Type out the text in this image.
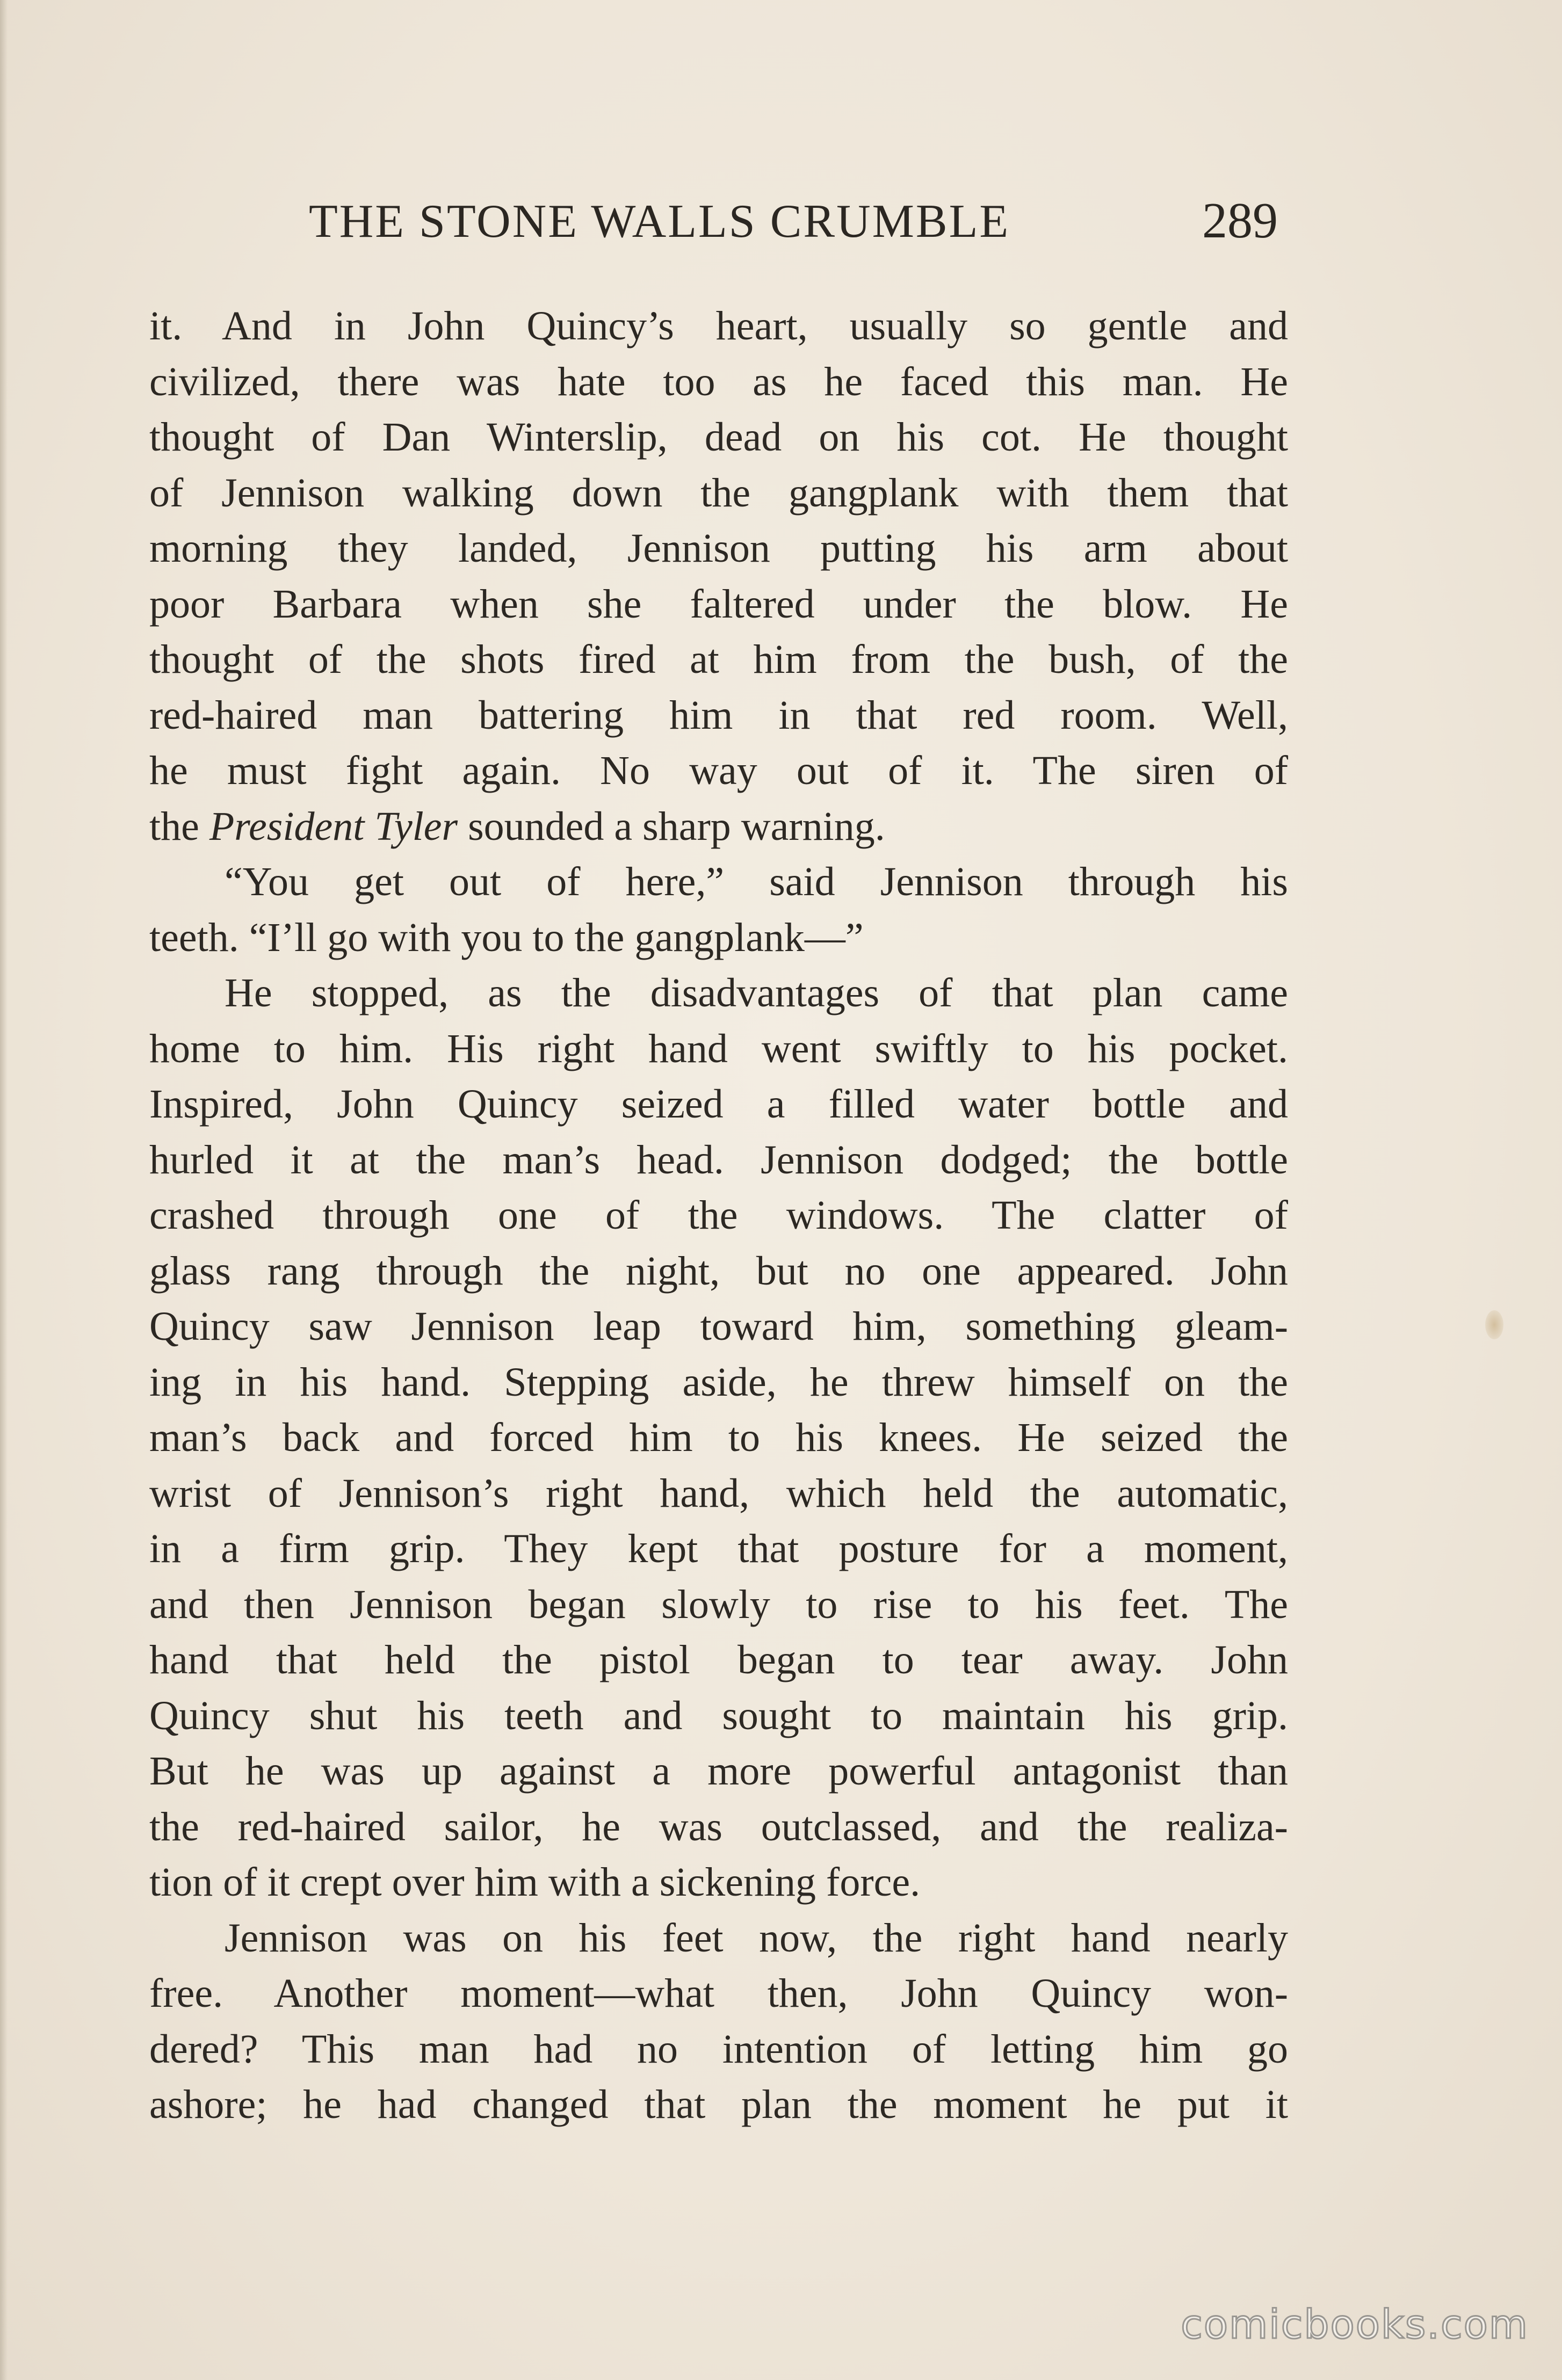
THE STONE WALLS CRUMBLE	289
it. And in John Quincy’s heart, usually so gentle and
civilized, there was hate too as he faced this man. He
thought of Dan Winterslip, dead on his cot. He thought
of Jennison walking down the gangplank with them that
morning they landed, Jennison putting his arm about
poor Barbara when she faltered under the blow. He
thought of the shots fired at him from the bush, of the
red-haired man battering him in that red room. Well,
he must fight again. No way out of it. The siren of
the President Tyler sounded a sharp warning.
“You get out of here,” said Jennison through his
teeth. “I’ll go with you to the gangplank—”
He stopped, as the disadvantages of that plan came
home to him. His right hand went swiftly to his pocket.
Inspired, John Quincy seized a filled water bottle and
hurled it at the man’s head. Jennison dodged; the bottle
crashed through one of the windows. The clatter of
glass rang through the night, but no one appeared. John
Quincy saw Jennison leap toward him, something gleam-
ing in his hand. Stepping aside, he threw himself on the
man’s back and forced him to his knees. He seized the
wrist of Jennison’s right hand, which held the automatic,
in a firm grip. They kept that posture for a moment,
and then Jennison began slowly to rise to his feet. The
hand that held the pistol began to tear away. John
Quincy shut his teeth and sought to maintain his grip.
But he was up against a more powerful antagonist than
the red-haired sailor, he was outclassed, and the realiza-
tion of it crept over him with a sickening force.
Jennison was on his feet now, the right hand nearly
free. Another moment—what then, John Quincy won-
dered? This man had no intention of letting him go
ashore; he had changed that plan the moment he put it
comicbooks.com
